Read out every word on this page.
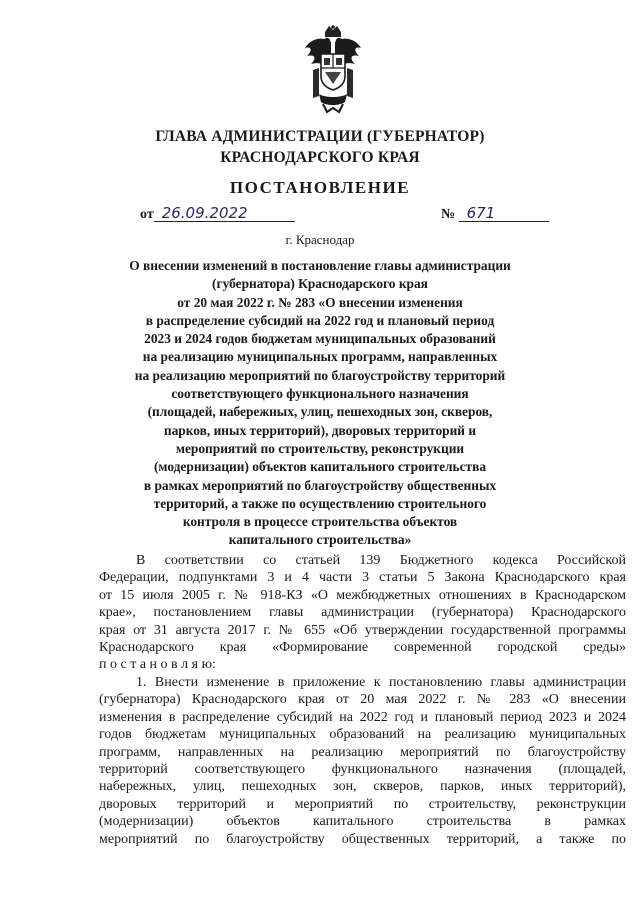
ГЛАВА АДМИНИСТРАЦИИ (ГУБЕРНАТОР)
КРАСНОДАРСКОГО КРАЯ
ПОСТАНОВЛЕНИЕ
от 26.09.2022	№ 671
г. Краснодар
О внесении изменений в постановление главы администрации
(губернатора) Краснодарского края
от 20 мая 2022 г. № 283 «О внесении изменения
в распределение субсидий на 2022 год и плановый период
2023 и 2024 годов бюджетам муниципальных образований
на реализацию муниципальных программ, направленных
на реализацию мероприятий по благоустройству территорий
соответствующего функционального назначения
(площадей, набережных, улиц, пешеходных зон, скверов,
парков, иных территорий), дворовых территорий и
мероприятий по строительству, реконструкции
(модернизации) объектов капитального строительства
в рамках мероприятий по благоустройству общественных
территорий, а также по осуществлению строительного
контроля в процессе строительства объектов
капитального строительства»
В соответствии со статьей 139 Бюджетного кодекса Российской
Федерации, подпунктами 3 и 4 части 3 статьи 5 Закона Краснодарского края
от 15 июля 2005 г. № 918-КЗ «О межбюджетных отношениях в Краснодарском
крае», постановлением главы администрации (губернатора) Краснодарского
края от 31 августа 2017 г. № 655 «Об утверждении государственной программы
Краснодарского края «Формирование современной городской среды»
п о с т а н о в л я ю:
1. Внести изменение в приложение к постановлению главы администрации
(губернатора) Краснодарского края от 20 мая 2022 г. № 283 «О внесении
изменения в распределение субсидий на 2022 год и плановый период 2023 и 2024
годов бюджетам муниципальных образований на реализацию муниципальных
программ, направленных на реализацию мероприятий по благоустройству
территорий соответствующего функционального назначения (площадей,
набережных, улиц, пешеходных зон, скверов, парков, иных территорий),
дворовых территорий и мероприятий по строительству, реконструкции
(модернизации) объектов капитального строительства в рамках
мероприятий по благоустройству общественных территорий, а также по
